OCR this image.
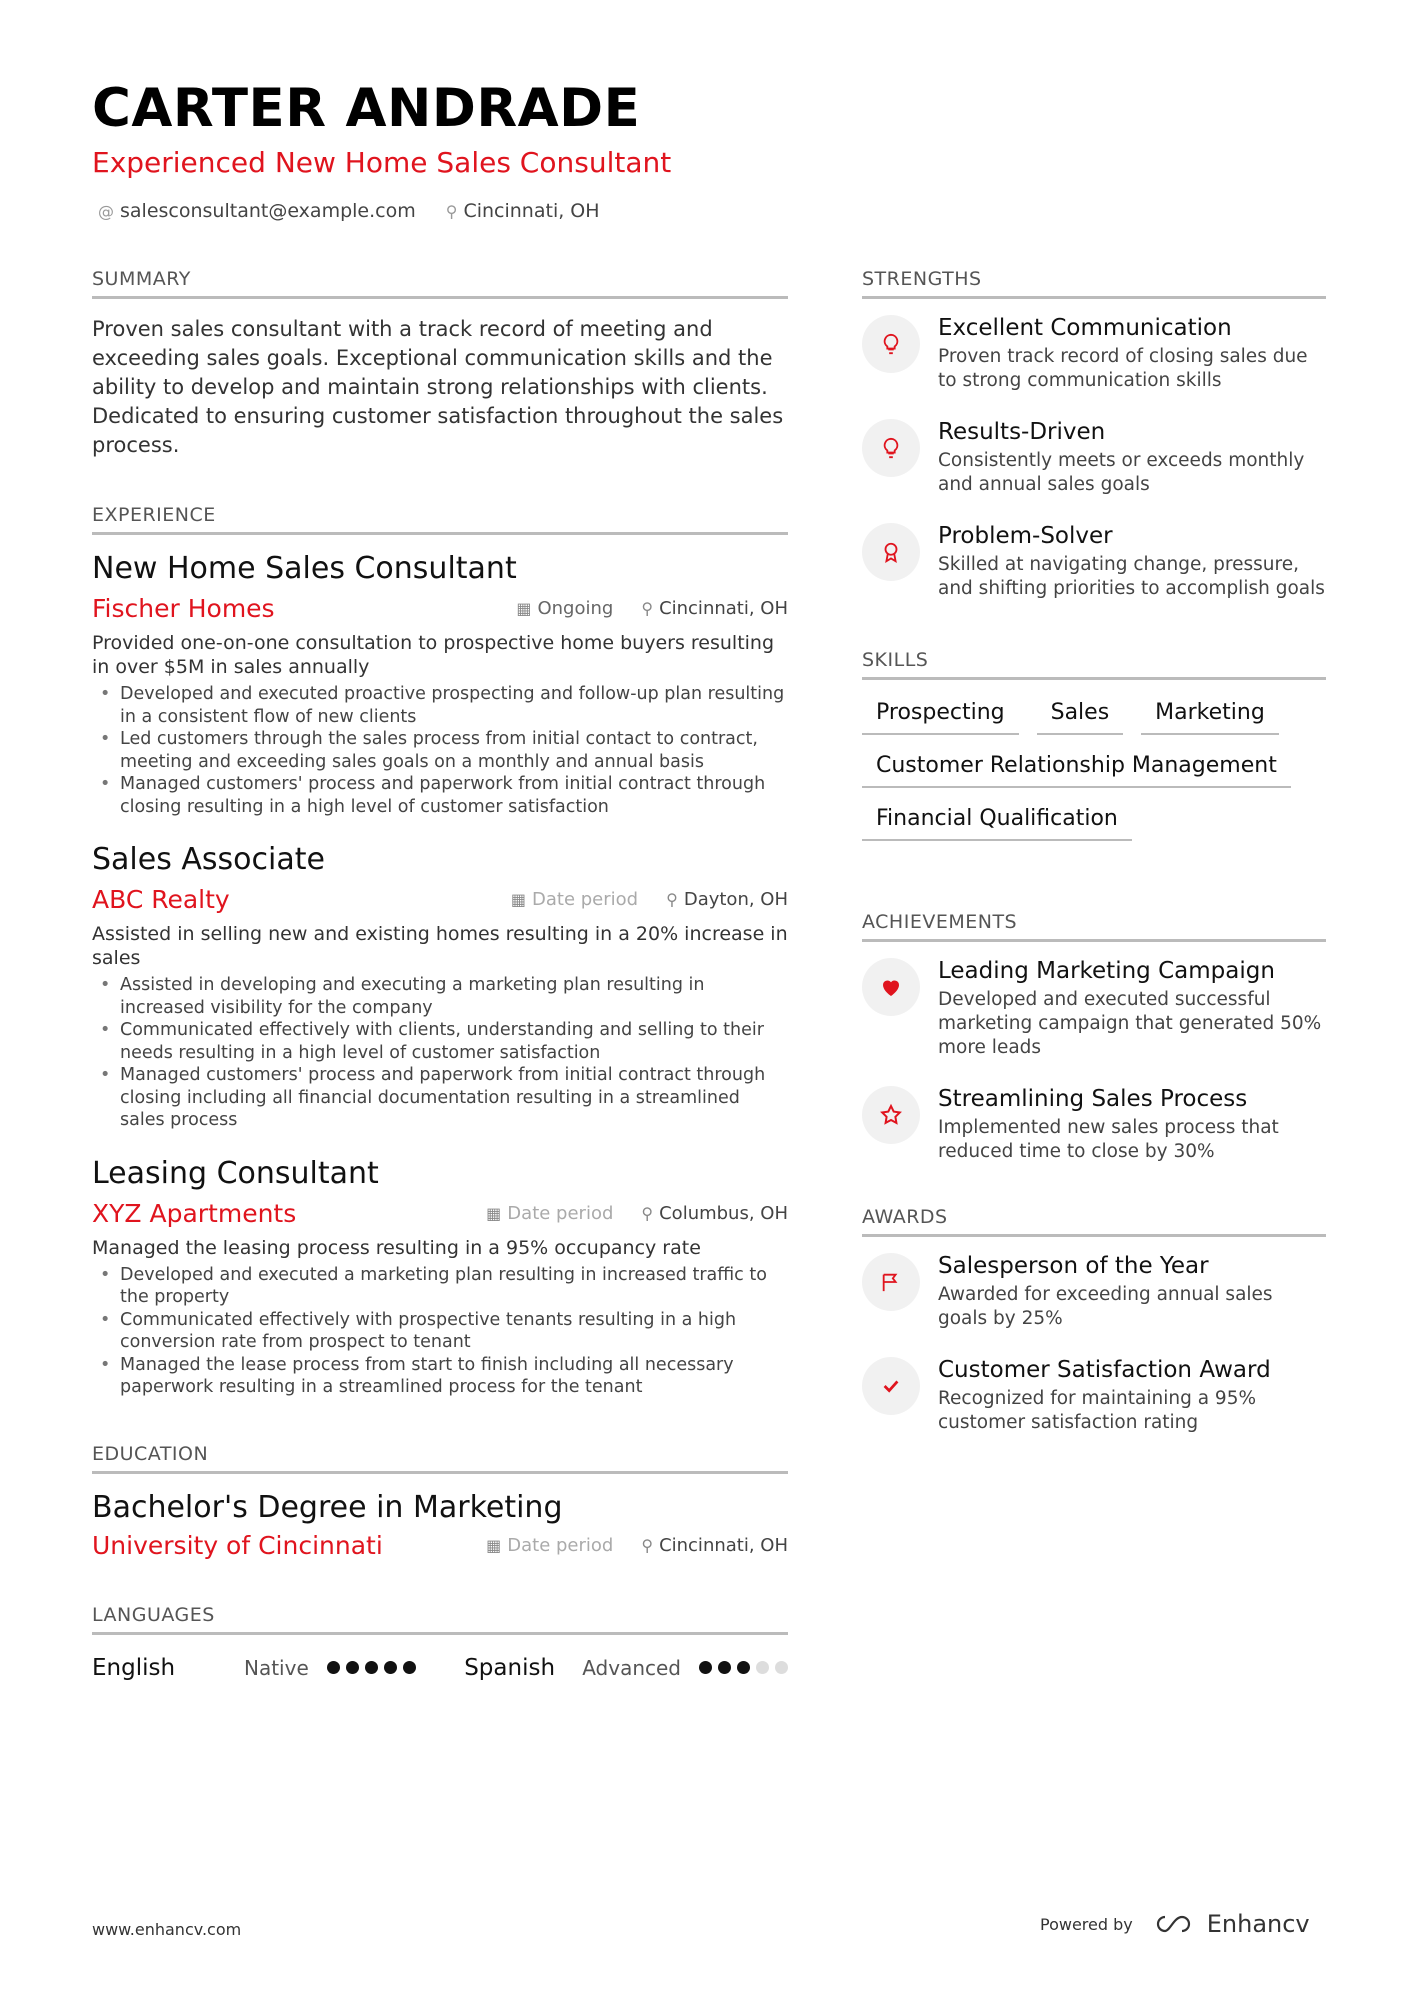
CARTER ANDRADE
Experienced New Home Sales Consultant
@ salesconsultant@example.com ⚲ Cincinnati, OH
SUMMARY
Proven sales consultant with a track record of meeting and exceeding sales goals. Exceptional communication skills and the ability to develop and maintain strong relationships with clients. Dedicated to ensuring customer satisfaction throughout the sales process.
EXPERIENCE
New Home Sales Consultant
Fischer Homes	▦ Ongoing ⚲ Cincinnati, OH
Provided one-on-one consultation to prospective home buyers resulting in over $5M in sales annually
• Developed and executed proactive prospecting and follow-up plan resulting in a consistent flow of new clients
• Led customers through the sales process from initial contact to contract, meeting and exceeding sales goals on a monthly and annual basis
• Managed customers' process and paperwork from initial contract through closing resulting in a high level of customer satisfaction
Sales Associate
ABC Realty	▦ Date period ⚲ Dayton, OH
Assisted in selling new and existing homes resulting in a 20% increase in sales
• Assisted in developing and executing a marketing plan resulting in increased visibility for the company
• Communicated effectively with clients, understanding and selling to their needs resulting in a high level of customer satisfaction
• Managed customers' process and paperwork from initial contract through closing including all financial documentation resulting in a streamlined sales process
Leasing Consultant
XYZ Apartments	▦ Date period ⚲ Columbus, OH
Managed the leasing process resulting in a 95% occupancy rate
• Developed and executed a marketing plan resulting in increased traffic to the property
• Communicated effectively with prospective tenants resulting in a high conversion rate from prospect to tenant
• Managed the lease process from start to finish including all necessary paperwork resulting in a streamlined process for the tenant
EDUCATION
Bachelor's Degree in Marketing
University of Cincinnati	▦ Date period ⚲ Cincinnati, OH
LANGUAGES
English	Native	Spanish	Advanced
STRENGTHS
Excellent Communication
Proven track record of closing sales due to strong communication skills
Results-Driven
Consistently meets or exceeds monthly and annual sales goals
Problem-Solver
Skilled at navigating change, pressure, and shifting priorities to accomplish goals
SKILLS
Prospecting	Sales	Marketing
Customer Relationship Management
Financial Qualification
ACHIEVEMENTS
Leading Marketing Campaign
Developed and executed successful marketing campaign that generated 50% more leads
Streamlining Sales Process
Implemented new sales process that reduced time to close by 30%
AWARDS
Salesperson of the Year
Awarded for exceeding annual sales goals by 25%
Customer Satisfaction Award
Recognized for maintaining a 95% customer satisfaction rating
www.enhancv.com	Powered by	Enhancv
